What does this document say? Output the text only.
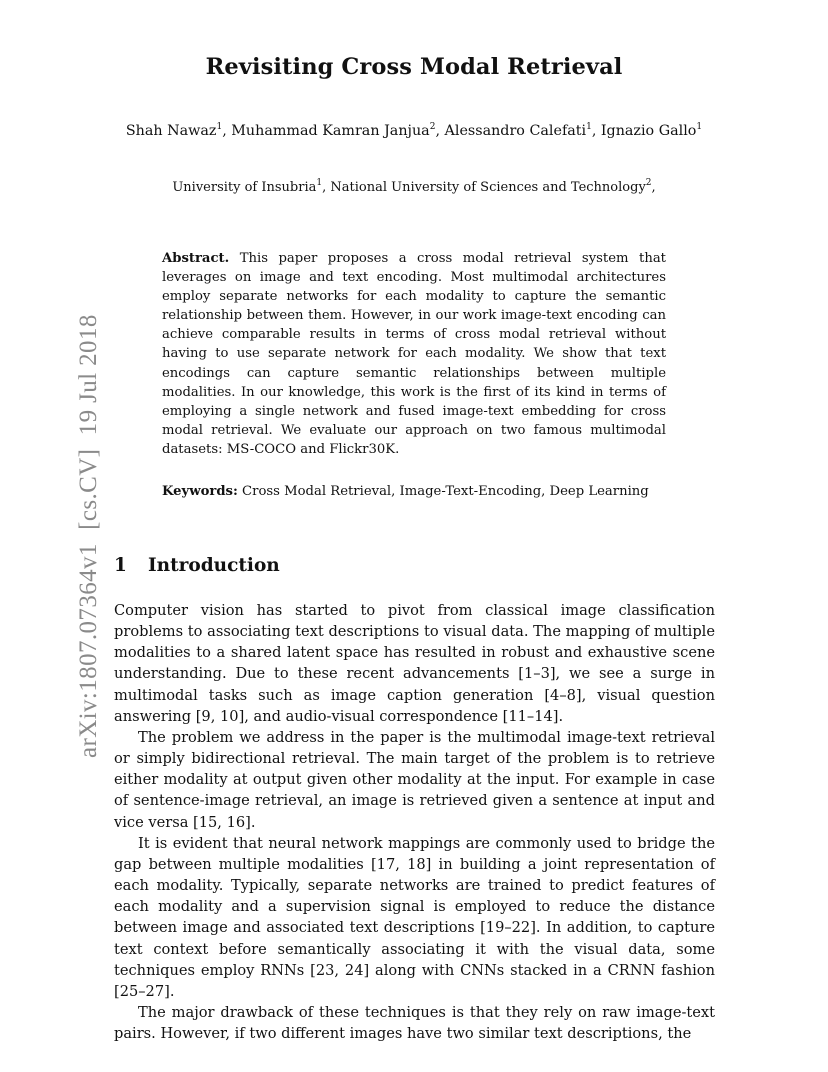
Revisiting Cross Modal Retrieval
Shah Nawaz$^1$, Muhammad Kamran Janjua$^2$, Alessandro Calefati$^1$, Ignazio Gallo$^1$
University of Insubria$^1$, National University of Sciences and Technology$^2$,
Abstract. This paper proposes a cross modal retrieval system that leverages on image and text encoding. Most multimodal architectures employ separate networks for each modality to capture the semantic relationship between them. However, in our work image-text encoding can achieve comparable results in terms of cross modal retrieval without having to use separate network for each modality. We show that text encodings can capture semantic relationships between multiple modalities. In our knowledge, this work is the first of its kind in terms of employing a single network and fused image-text embedding for cross modal retrieval. We evaluate our approach on two famous multimodal datasets: MS-COCO and Flickr30K.
Keywords: Cross Modal Retrieval, Image-Text-Encoding, Deep Learning
1 Introduction

Computer vision has started to pivot from classical image classification problems to associating text descriptions to visual data. The mapping of multiple modalities to a shared latent space has resulted in robust and exhaustive scene understanding. Due to these recent advancements [1–3], we see a surge in multimodal tasks such as image caption generation [4–8], visual question answering [9, 10], and audio-visual correspondence [11–14].

The problem we address in the paper is the multimodal image-text retrieval or simply bidirectional retrieval. The main target of the problem is to retrieve either modality at output given other modality at the input. For example in case of sentence-image retrieval, an image is retrieved given a sentence at input and vice versa [15, 16].

It is evident that neural network mappings are commonly used to bridge the gap between multiple modalities [17, 18] in building a joint representation of each modality. Typically, separate networks are trained to predict features of each modality and a supervision signal is employed to reduce the distance between image and associated text descriptions [19–22]. In addition, to capture text context before semantically associating it with the visual data, some techniques employ RNNs [23, 24] along with CNNs stacked in a CRNN fashion [25–27].

The major drawback of these techniques is that they rely on raw image-text pairs. However, if two different images have two similar text descriptions, the

arXiv:1807.07364v1  [cs.CV]  19 Jul 2018
